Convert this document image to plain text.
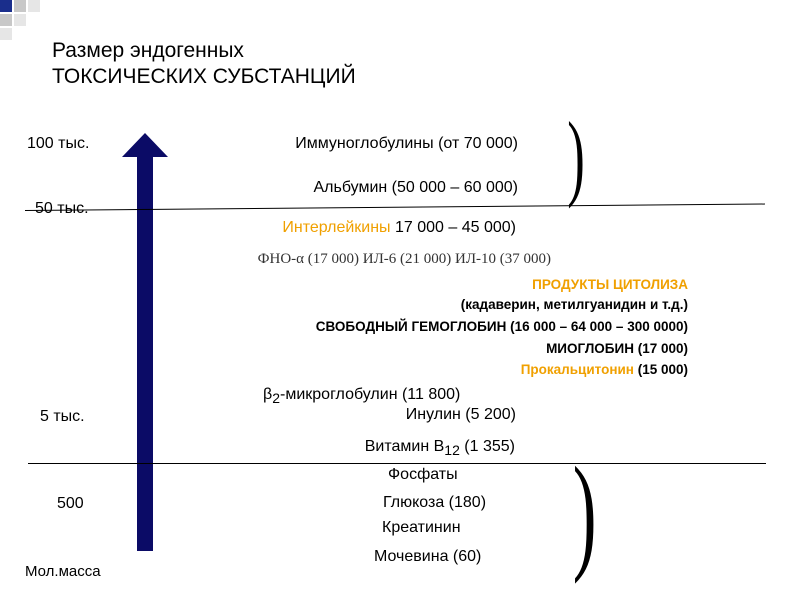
Размер эндогенных
ТОКСИЧЕСКИХ СУБСТАНЦИЙ
)
)
100 тыс.
50 тыс.
5 тыс.
500
Мол.масса
Иммуноглобулины (от 70 000)
Альбумин (50 000 – 60 000)
Интерлейкины 17 000 – 45 000)
ФНО-α (17 000) ИЛ-6 (21 000) ИЛ-10 (37 000)
ПРОДУКТЫ ЦИТОЛИЗА
(кадаверин, метилгуанидин и т.д.)
СВОБОДНЫЙ ГЕМОГЛОБИН (16 000 – 64 000 – 300 0000)
МИОГЛОБИН (17 000)
Прокальцитонин (15 000)
$\beta_2$-микроглобулин (11 800)
Инулин (5 200)
Витамин $В_{12}$ (1 355)
Фосфаты
Глюкоза (180)
Креатинин
Мочевина (60)
